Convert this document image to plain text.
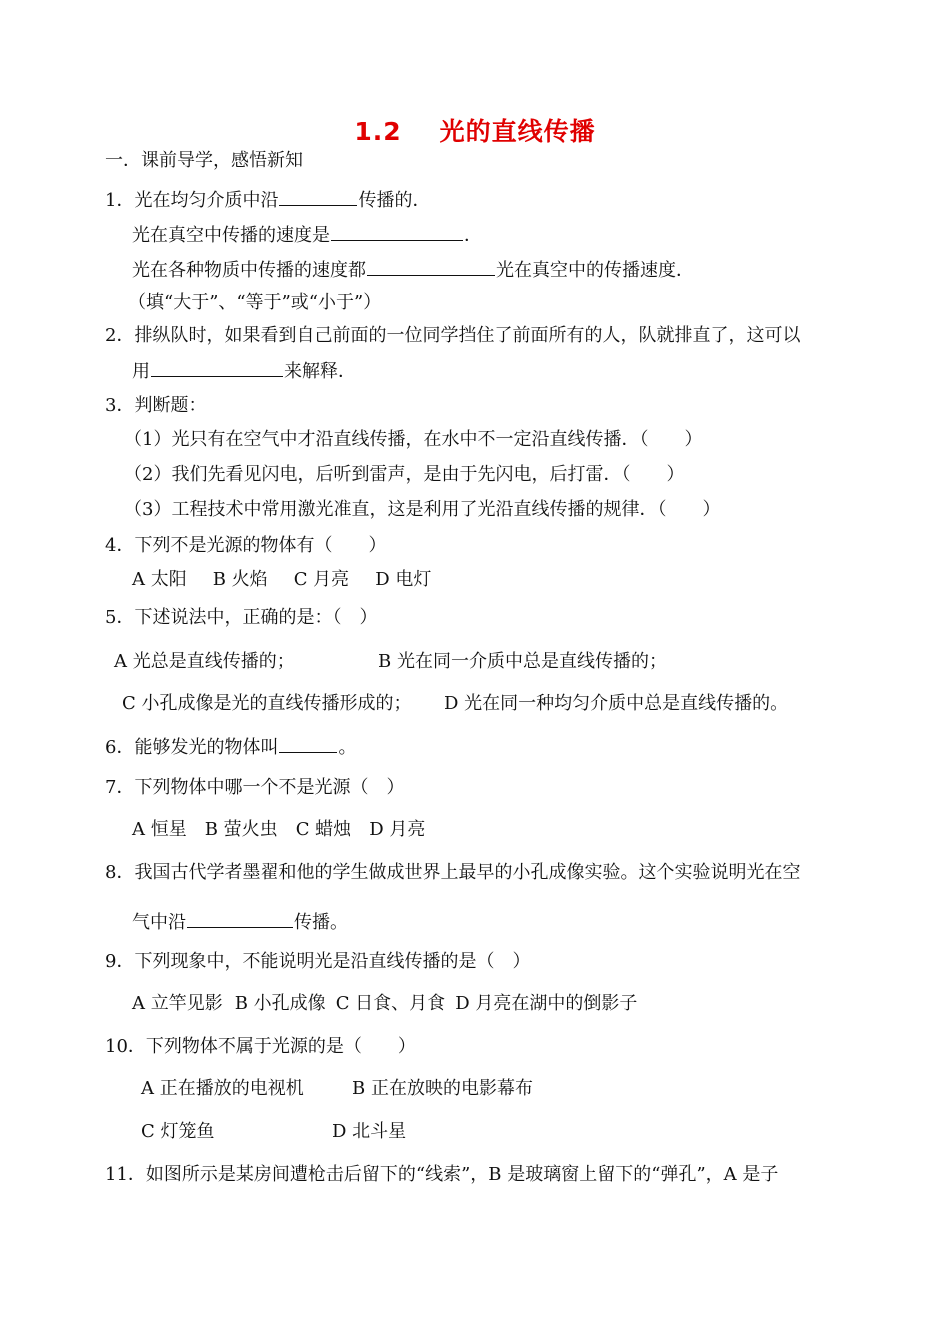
1.2 光的直线传播
一．课前导学，感悟新知
1．光在均匀介质中沿	传播的．
光在真空中传播的速度是	．
光在各种物质中传播的速度都	光在真空中的传播速度．
（填“大于”、“等于”或“小于”）
2．排纵队时，如果看到自己前面的一位同学挡住了前面所有的人，队就排直了，这可以
用	来解释．
3．判断题：
（1）光只有在空气中才沿直线传播，在水中不一定沿直线传播．（　　）
（2）我们先看见闪电，后听到雷声，是由于先闪电，后打雷．（　　）
（3）工程技术中常用激光准直，这是利用了光沿直线传播的规律．（　　）
4．下列不是光源的物体有（　　）
A 太阳 B 火焰 C 月亮 D 电灯
5．下述说法中，正确的是：（　）
A 光总是直线传播的；	B 光在同一介质中总是直线传播的；
C 小孔成像是光的直线传播形成的； D 光在同一种均匀介质中总是直线传播的。
6．能够发光的物体叫	。
7．下列物体中哪一个不是光源（　）
A 恒星 B 萤火虫 C 蜡烛 D 月亮
8．我国古代学者墨翟和他的学生做成世界上最早的小孔成像实验。这个实验说明光在空
气中沿	传播。
9．下列现象中，不能说明光是沿直线传播的是（　）
A 立竿见影 B 小孔成像 C 日食、月食 D 月亮在湖中的倒影子
10．下列物体不属于光源的是（　　）
A 正在播放的电视机	B 正在放映的电影幕布
C 灯笼鱼	D 北斗星
11．如图所示是某房间遭枪击后留下的“线索”，B 是玻璃窗上留下的“弹孔”，A 是子
